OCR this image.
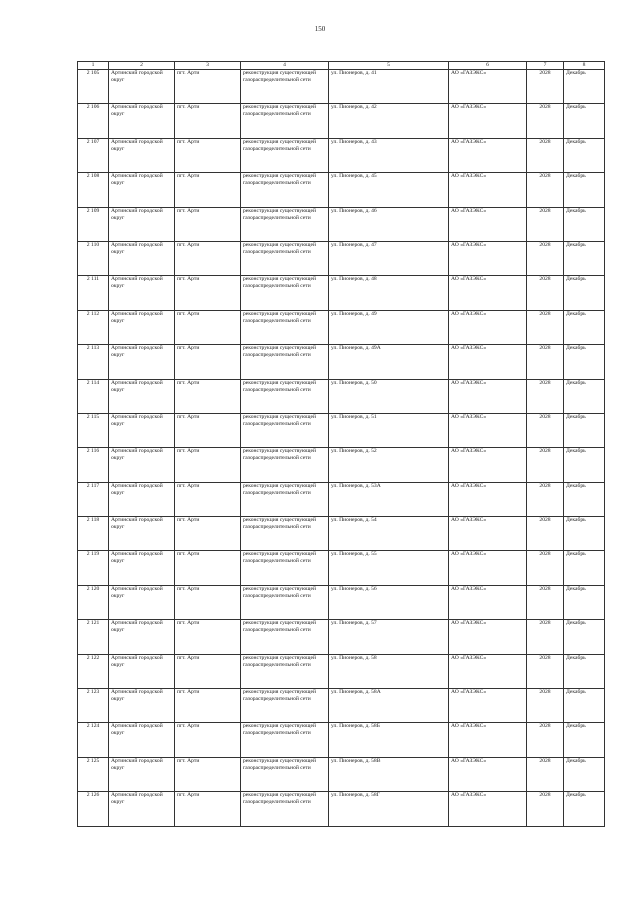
150
1	2	3	4	5	6	7	8
2 105	Артинский городской округ	пгт. Арти	реконструкция существующей газораспределительной сети	ул. Пионеров, д. 41	АО «ГАЗЭКС»	2028	Декабрь
2 106	Артинский городской округ	пгт. Арти	реконструкция существующей газораспределительной сети	ул. Пионеров, д. 42	АО «ГАЗЭКС»	2028	Декабрь
2 107	Артинский городской округ	пгт. Арти	реконструкция существующей газораспределительной сети	ул. Пионеров, д. 43	АО «ГАЗЭКС»	2028	Декабрь
2 108	Артинский городской округ	пгт. Арти	реконструкция существующей газораспределительной сети	ул. Пионеров, д. 45	АО «ГАЗЭКС»	2028	Декабрь
2 109	Артинский городской округ	пгт. Арти	реконструкция существующей газораспределительной сети	ул. Пионеров, д. 46	АО «ГАЗЭКС»	2028	Декабрь
2 110	Артинский городской округ	пгт. Арти	реконструкция существующей газораспределительной сети	ул. Пионеров, д. 47	АО «ГАЗЭКС»	2028	Декабрь
2 111	Артинский городской округ	пгт. Арти	реконструкция существующей газораспределительной сети	ул. Пионеров, д. 48	АО «ГАЗЭКС»	2028	Декабрь
2 112	Артинский городской округ	пгт. Арти	реконструкция существующей газораспределительной сети	ул. Пионеров, д. 49	АО «ГАЗЭКС»	2028	Декабрь
2 113	Артинский городской округ	пгт. Арти	реконструкция существующей газораспределительной сети	ул. Пионеров, д. 49А	АО «ГАЗЭКС»	2028	Декабрь
2 114	Артинский городской округ	пгт. Арти	реконструкция существующей газораспределительной сети	ул. Пионеров, д. 50	АО «ГАЗЭКС»	2028	Декабрь
2 115	Артинский городской округ	пгт. Арти	реконструкция существующей газораспределительной сети	ул. Пионеров, д. 51	АО «ГАЗЭКС»	2028	Декабрь
2 116	Артинский городской округ	пгт. Арти	реконструкция существующей газораспределительной сети	ул. Пионеров, д. 52	АО «ГАЗЭКС»	2028	Декабрь
2 117	Артинский городской округ	пгт. Арти	реконструкция существующей газораспределительной сети	ул. Пионеров, д. 53А	АО «ГАЗЭКС»	2028	Декабрь
2 118	Артинский городской округ	пгт. Арти	реконструкция существующей газораспределительной сети	ул. Пионеров, д. 54	АО «ГАЗЭКС»	2028	Декабрь
2 119	Артинский городской округ	пгт. Арти	реконструкция существующей газораспределительной сети	ул. Пионеров, д. 55	АО «ГАЗЭКС»	2028	Декабрь
2 120	Артинский городской округ	пгт. Арти	реконструкция существующей газораспределительной сети	ул. Пионеров, д. 56	АО «ГАЗЭКС»	2028	Декабрь
2 121	Артинский городской округ	пгт. Арти	реконструкция существующей газораспределительной сети	ул. Пионеров, д. 57	АО «ГАЗЭКС»	2028	Декабрь
2 122	Артинский городской округ	пгт. Арти	реконструкция существующей газораспределительной сети	ул. Пионеров, д. 58	АО «ГАЗЭКС»	2028	Декабрь
2 123	Артинский городской округ	пгт. Арти	реконструкция существующей газораспределительной сети	ул. Пионеров, д. 58А	АО «ГАЗЭКС»	2028	Декабрь
2 124	Артинский городской округ	пгт. Арти	реконструкция существующей газораспределительной сети	ул. Пионеров, д. 58Б	АО «ГАЗЭКС»	2028	Декабрь
2 125	Артинский городской округ	пгт. Арти	реконструкция существующей газораспределительной сети	ул. Пионеров, д. 58В	АО «ГАЗЭКС»	2028	Декабрь
2 126	Артинский городской округ	пгт. Арти	реконструкция существующей газораспределительной сети	ул. Пионеров, д. 58Г	АО «ГАЗЭКС»	2028	Декабрь
